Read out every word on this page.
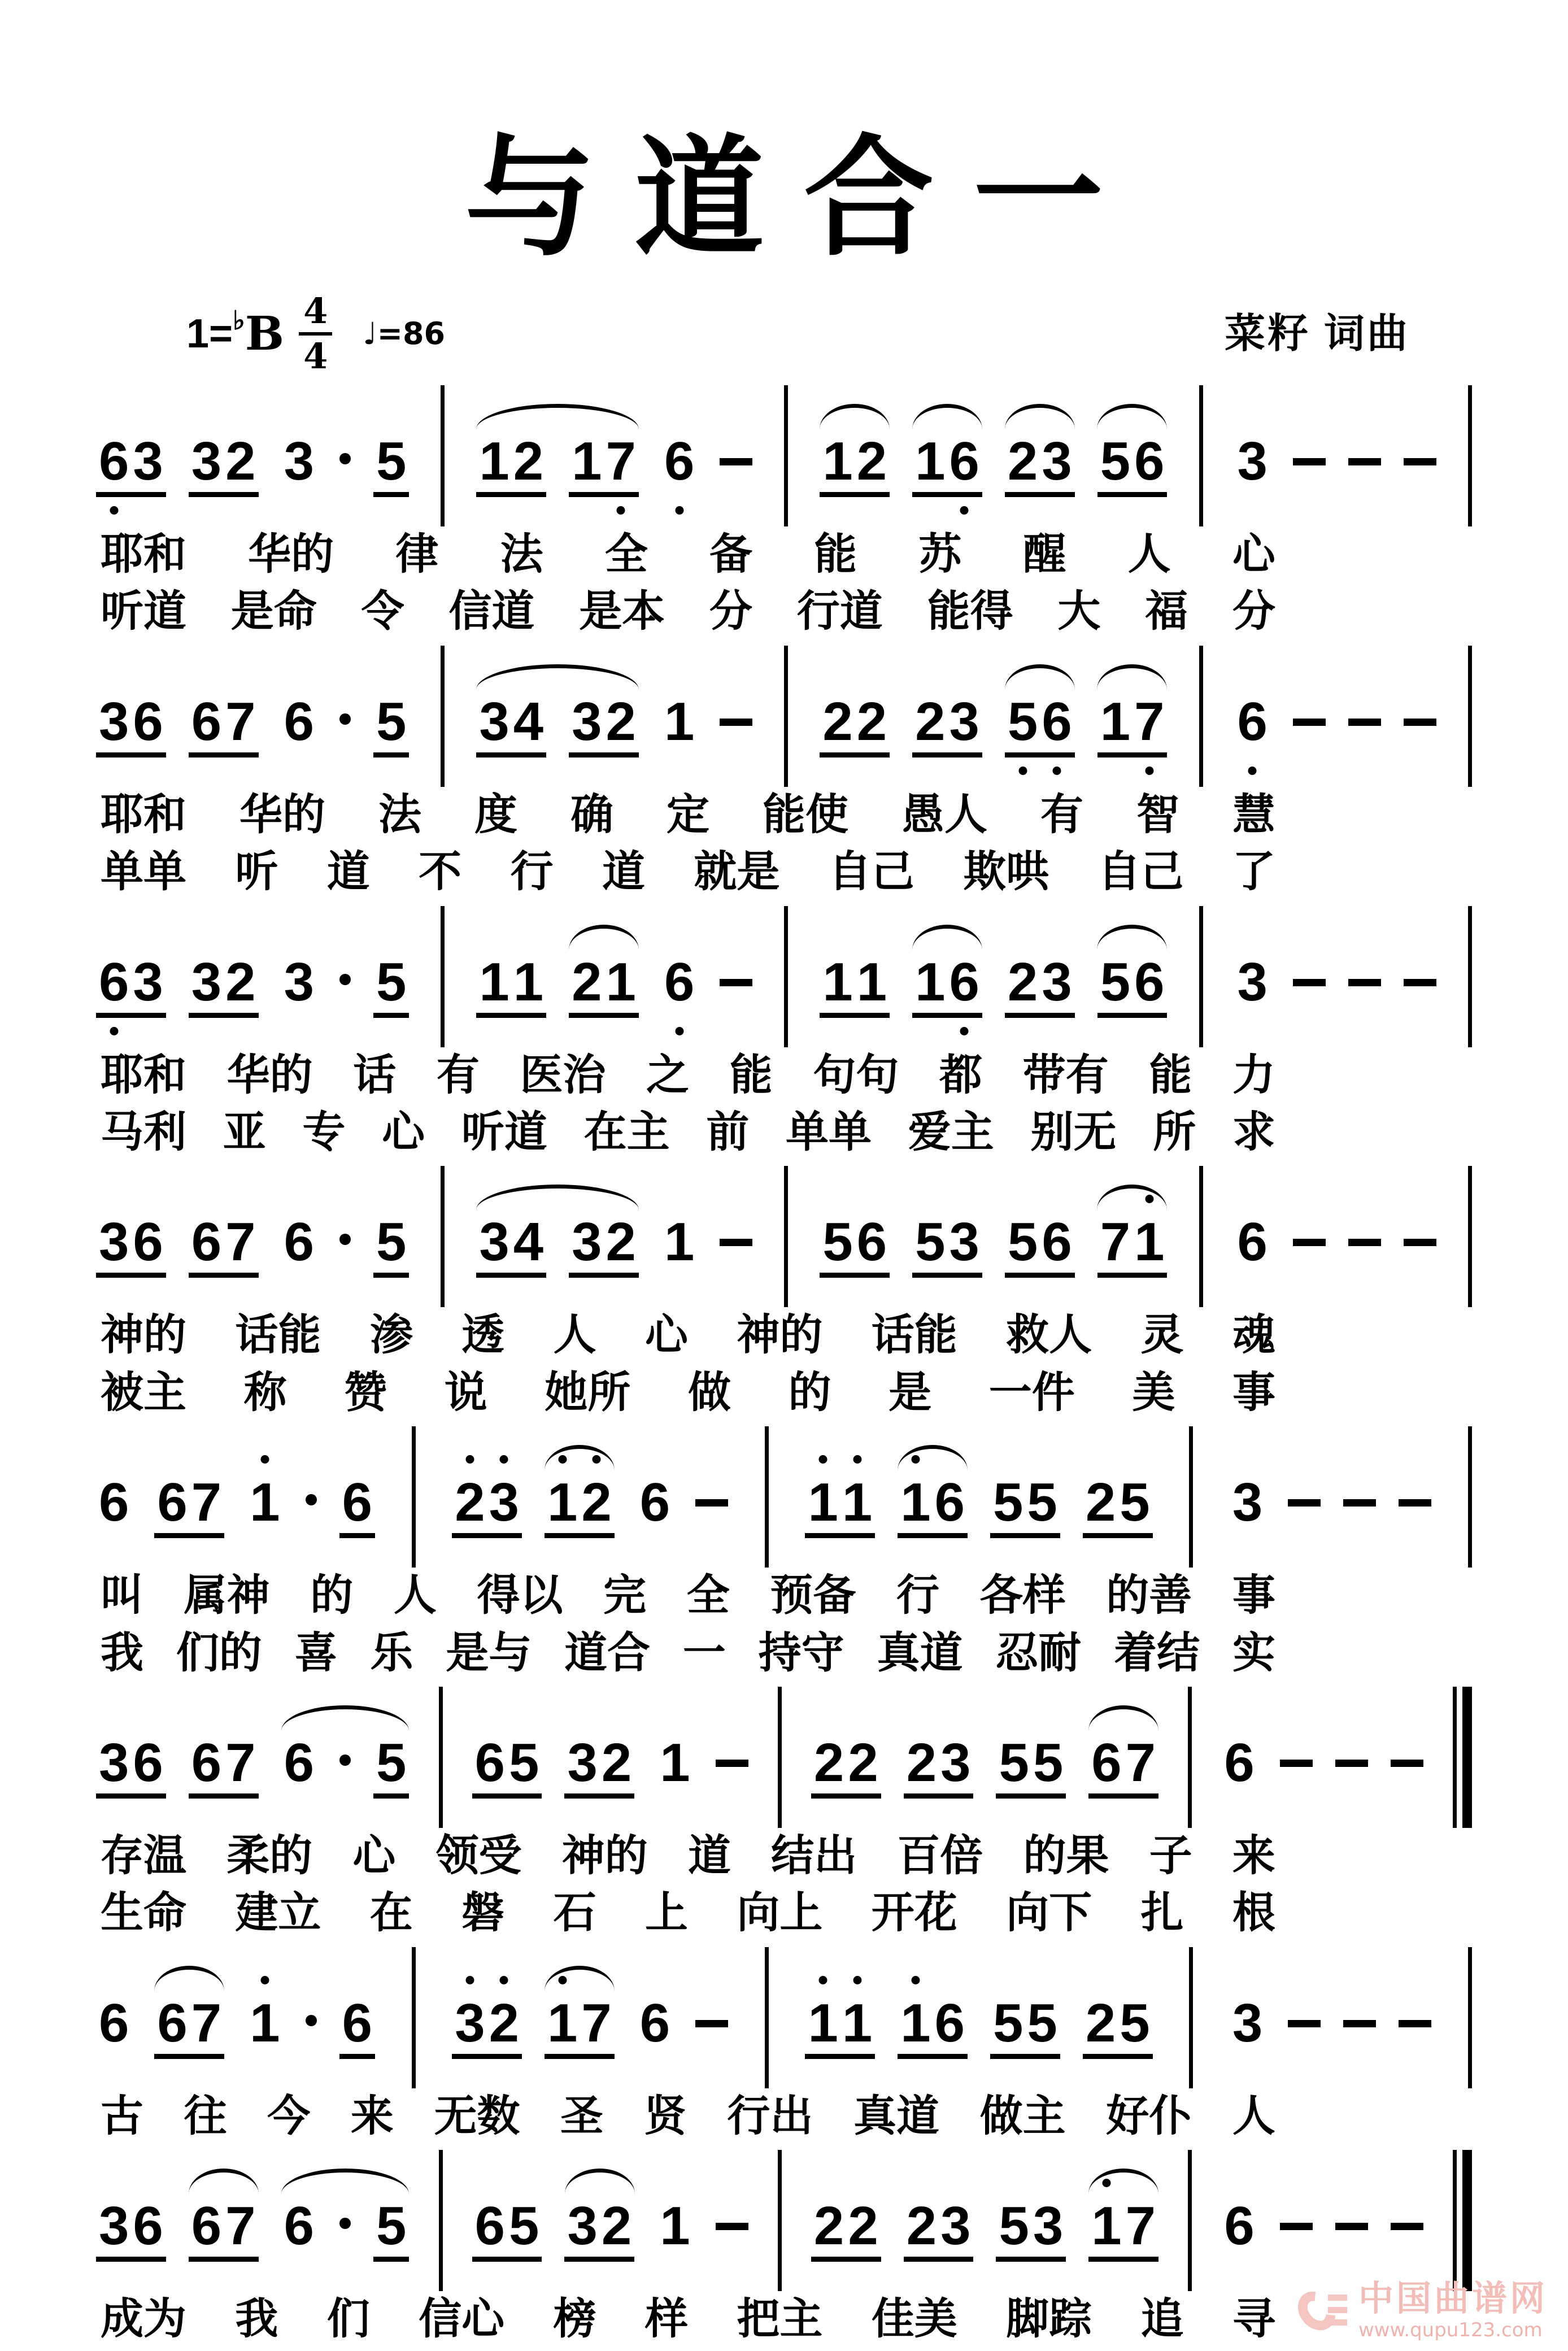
与道合一
1= ♭ B $\frac{4}{4}$ ♩=86	菜籽 词曲
6 3 3 2 3 5 1 2 1 7 6 1 2 1 6 2 3 5 6 3
耶和 华的 律 法 全 备 能 苏 醒 人 心
听道 是命 令 信道 是本 分 行道 能得 大 福 分
3 6 6 7 6 5 3 4 3 2 1 2 2 2 3 5 6 1 7 6
耶和 华的 法 度 确 定 能使 愚人 有 智 慧
单单 听 道 不 行 道 就是 自己 欺哄 自己 了
6 3 3 2 3 5 1 1 2 1 6 1 1 1 6 2 3 5 6 3
耶和 华的 话 有 医治 之 能 句句 都 带有 能 力
马利 亚 专 心 听道 在主 前 单单 爱主 别无 所 求
3 6 6 7 6 5 3 4 3 2 1 5 6 5 3 5 6 7 1 6
神的 话能 渗 透 人 心 神的 话能 救人 灵 魂
被主 称 赞 说 她所 做 的 是 一件 美 事
6 6 7 1 6 2 3 1 2 6	1 1 1 6 5 5 2 5 3
叫 属神 的 人 得以 完 全 预备 行 各样 的善 事
我 们的 喜 乐 是与 道合 一 持守 真道 忍耐 着结 实
3 6 6 7 6 5 6 5 3 2 1 2 2 2 3 5 5 6 7 6
存温 柔的 心 领受 神的 道 结出 百倍 的果 子 来
生命 建立 在 磐 石 上 向上 开花 向下 扎 根
6 6 7 1 6 3 2 1 7 6	1 1 1 6 5 5 2 5 3
古 往 今 来 无数 圣 贤 行出 真道 做主 好仆 人
3 6 6 7 6 5 6 5 3 2 1 2 2 2 3 5 3 1 7 6
成为 我 们 信心 榜 样 把主 佳美 脚踪 追 寻 中国曲谱网
www.qupu123.com
